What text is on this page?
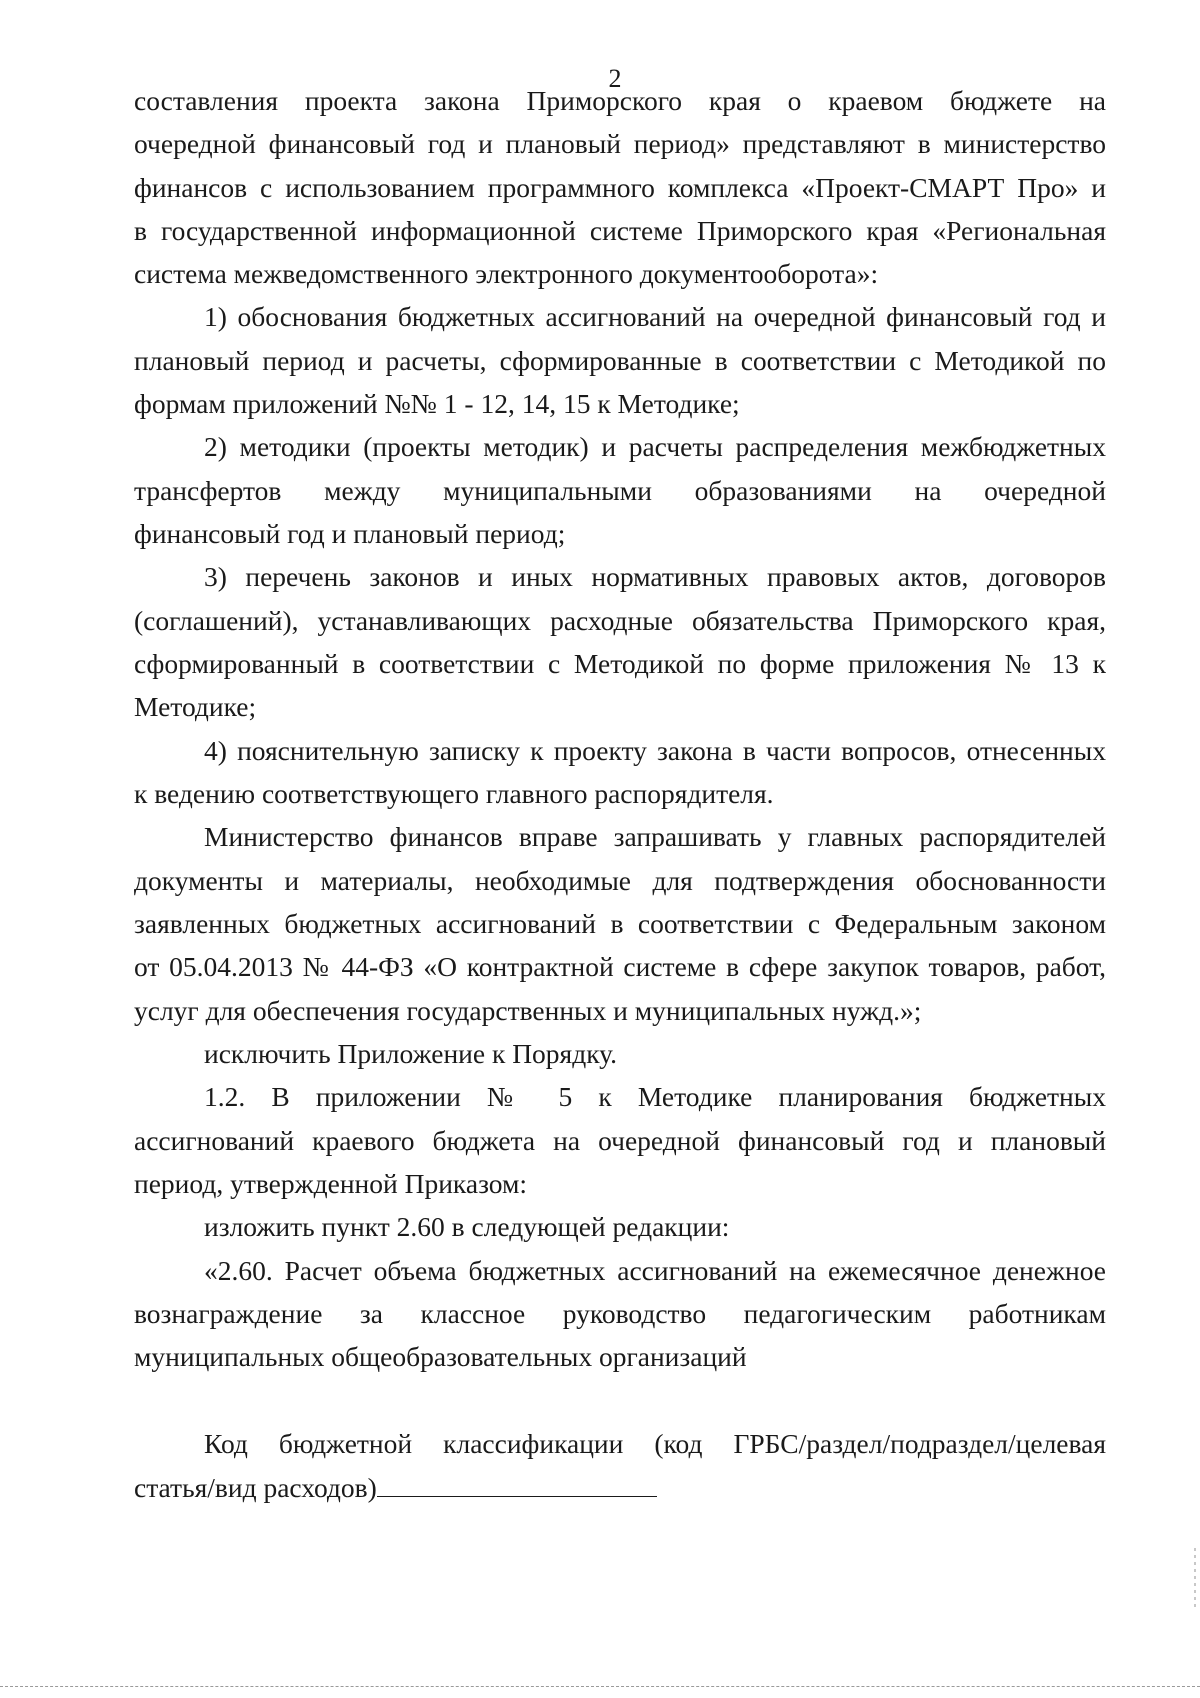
2
составления проекта закона Приморского края о краевом бюджете на
очередной финансовый год и плановый период» представляют в министерство
финансов с использованием программного комплекса «Проект-СМАРТ Про» и
в государственной информационной системе Приморского края «Региональная
система межведомственного электронного документооборота»:
1) обоснования бюджетных ассигнований на очередной финансовый год и
плановый период и расчеты, сформированные в соответствии с Методикой по
формам приложений №№ 1 - 12, 14, 15 к Методике;
2) методики (проекты методик) и расчеты распределения межбюджетных
трансфертов между муниципальными образованиями на очередной
финансовый год и плановый период;
3) перечень законов и иных нормативных правовых актов, договоров
(соглашений), устанавливающих расходные обязательства Приморского края,
сформированный в соответствии с Методикой по форме приложения № 13 к
Методике;
4) пояснительную записку к проекту закона в части вопросов, отнесенных
к ведению соответствующего главного распорядителя.
Министерство финансов вправе запрашивать у главных распорядителей
документы и материалы, необходимые для подтверждения обоснованности
заявленных бюджетных ассигнований в соответствии с Федеральным законом
от 05.04.2013 № 44-ФЗ «О контрактной системе в сфере закупок товаров, работ,
услуг для обеспечения государственных и муниципальных нужд.»;
исключить Приложение к Порядку.
1.2. В приложении № 5 к Методике планирования бюджетных
ассигнований краевого бюджета на очередной финансовый год и плановый
период, утвержденной Приказом:
изложить пункт 2.60 в следующей редакции:
«2.60. Расчет объема бюджетных ассигнований на ежемесячное денежное
вознаграждение за классное руководство педагогическим работникам
муниципальных общеобразовательных организаций
Код бюджетной классификации (код ГРБС/раздел/подраздел/целевая
статья/вид расходов)
